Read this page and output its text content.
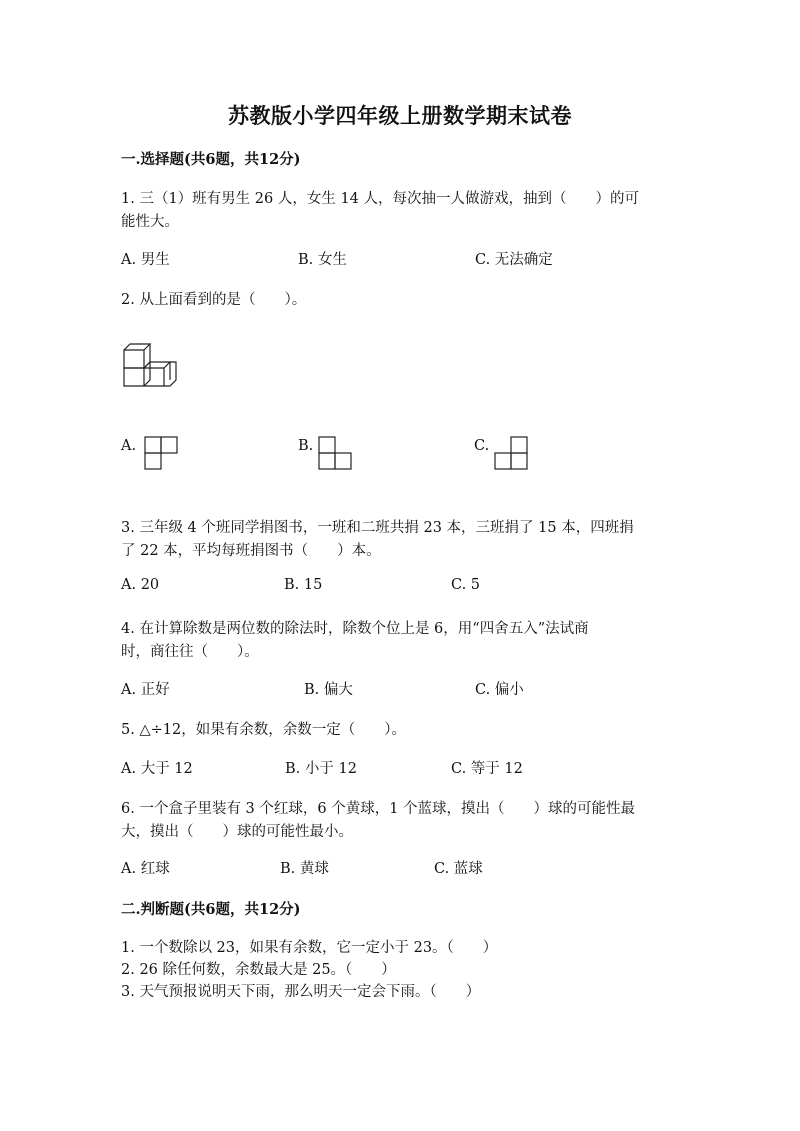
苏教版小学四年级上册数学期末试卷
一.选择题(共6题，共12分)
1. 三（1）班有男生 26 人，女生 14 人，每次抽一人做游戏，抽到（　　）的可
能性大。
A. 男生	B. 女生	C. 无法确定
2. 从上面看到的是（　　）。
A.	B.	C.
3. 三年级 4 个班同学捐图书，一班和二班共捐 23 本，三班捐了 15 本，四班捐
了 22 本，平均每班捐图书（　　）本。
A. 20	B. 15	C. 5
4. 在计算除数是两位数的除法时，除数个位上是 6，用“四舍五入”法试商
时，商往往（　　）。
A. 正好	B. 偏大	C. 偏小
5. △÷12，如果有余数，余数一定（　　）。
A. 大于 12	B. 小于 12	C. 等于 12
6. 一个盒子里装有 3 个红球，6 个黄球，1 个蓝球，摸出（　　）球的可能性最
大，摸出（　　）球的可能性最小。
A. 红球	B. 黄球	C. 蓝球
二.判断题(共6题，共12分)
1. 一个数除以 23，如果有余数，它一定小于 23。（　　）
2. 26 除任何数，余数最大是 25。（　　）
3. 天气预报说明天下雨，那么明天一定会下雨。（　　）
